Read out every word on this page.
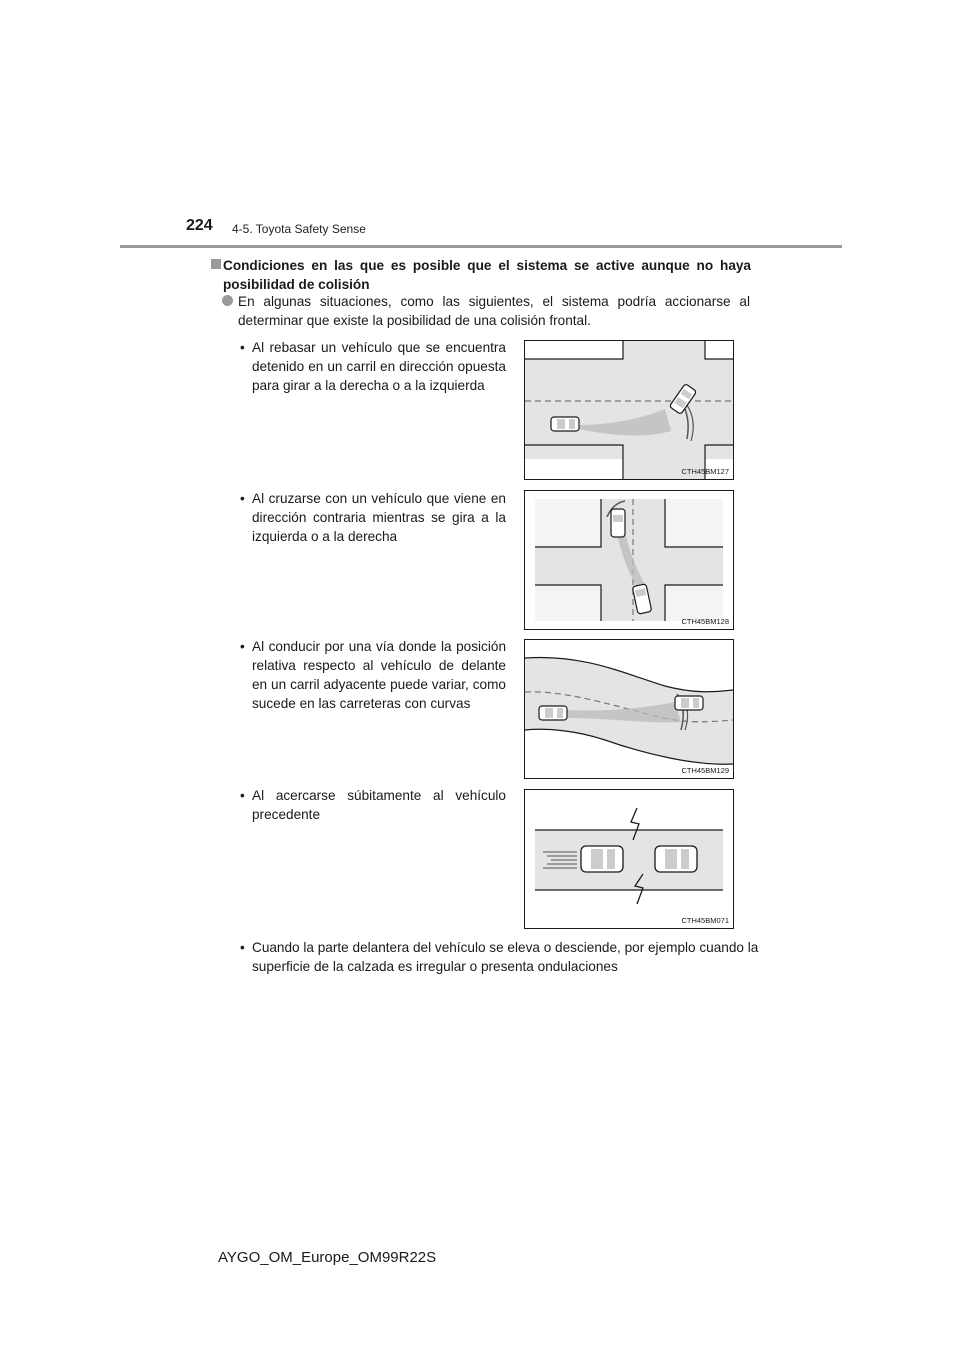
224 4-5. Toyota Safety Sense
Condiciones en las que es posible que el sistema se active aunque no haya
posibilidad de colisión
En algunas situaciones, como las siguientes, el sistema podría accionarse al
determinar que existe la posibilidad de una colisión frontal.
• Al rebasar un vehículo que se encuentra detenido en un carril en dirección opuesta para girar a la derecha o a la izquierda
CTH45BM127
• Al cruzarse con un vehículo que viene en dirección contraria mientras se gira a la izquierda o a la derecha
CTH45BM128
• Al conducir por una vía donde la posición relativa respecto al vehículo de delante en un carril adyacente puede variar, como sucede en las carreteras con curvas
CTH45BM129
• Al acercarse súbitamente al vehículo precedente
CTH45BM071
• Cuando la parte delantera del vehículo se eleva o desciende, por ejemplo cuando la superficie de la calzada es irregular o presenta ondulaciones
AYGO_OM_Europe_OM99R22S
